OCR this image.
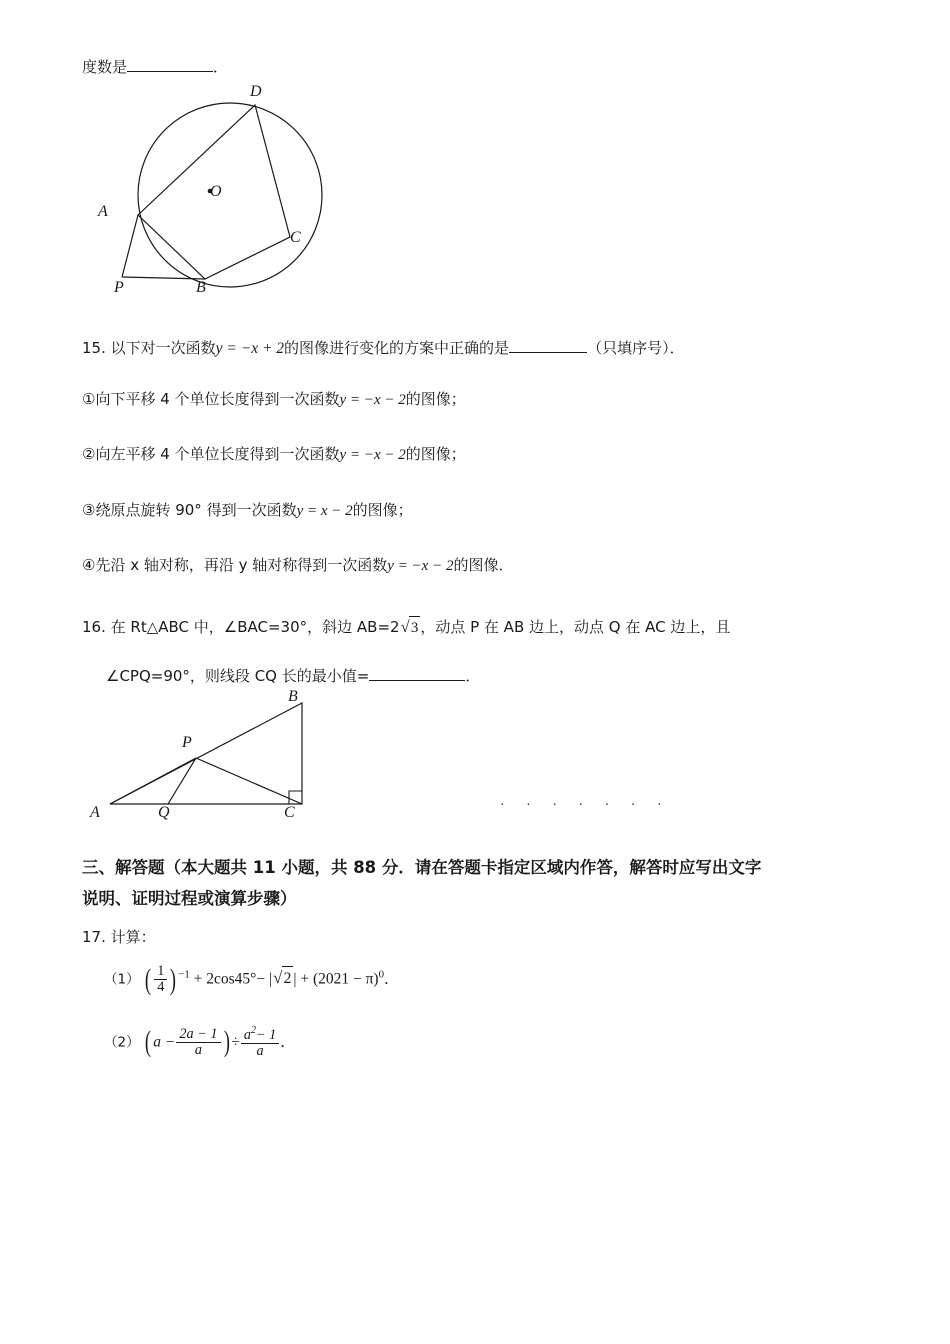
度数是	．
D
O
A
C
P	B
15. 以下对一次函数y = −x + 2的图像进行变化的方案中正确的是	（只填序号）．
①向下平移 4 个单位长度得到一次函数y = −x − 2的图像；
②向左平移 4 个单位长度得到一次函数y = −x − 2的图像；
③绕原点旋转 90° 得到一次函数y = x − 2的图像；
④先沿 x 轴对称，再沿 y 轴对称得到一次函数y = −x − 2的图像．
16. 在 Rt△ABC 中，∠BAC=30°，斜边 AB=2 √ 3 ，动点 P 在 AB 边上，动点 Q 在 AC 边上，且
∠CPQ=90°，则线段 CQ 长的最小值=	．
B
P
A	Q	C	· · · · · · ·
三、解答题（本大题共 11 小题，共 88 分．请在答题卡指定区域内作答，解答时应写出文字
说明、证明过程或演算步骤）
17. 计算：
（1） ( $\frac{1}{4}$ ) $^{-1}$ + 2cos45°− | √ 2 | + $(2021 - \pi)^0$．
（2） ( $a - \frac{2a - 1}{a}$ ) ÷ $\frac{a^2- 1}{a}$ ．
